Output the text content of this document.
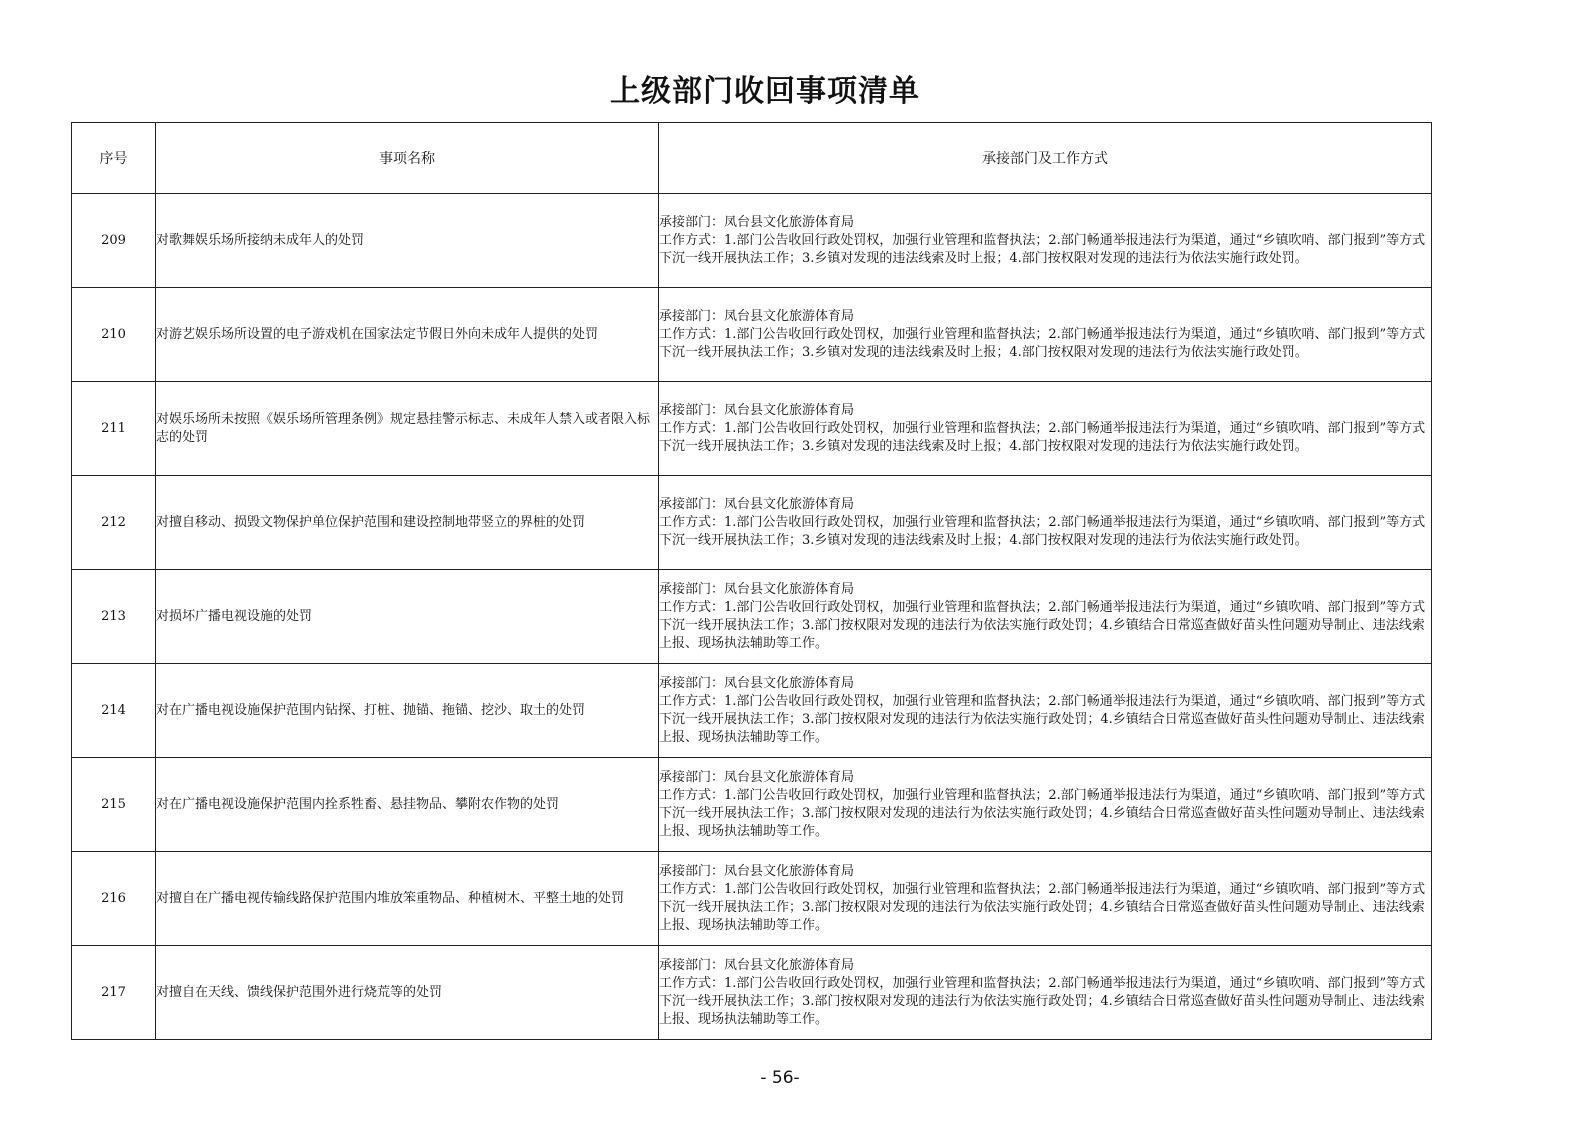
上级部门收回事项清单
序号	事项名称	承接部门及工作方式
209	对歌舞娱乐场所接纳未成年人的处罚	承接部门：凤台县文化旅游体育局
工作方式：1.部门公告收回行政处罚权，加强行业管理和监督执法；2.部门畅通举报违法行为渠道，通过“乡镇吹哨、部门报到”等方式下沉一线开展执法工作；3.乡镇对发现的违法线索及时上报；4.部门按权限对发现的违法行为依法实施行政处罚。

210	对游艺娱乐场所设置的电子游戏机在国家法定节假日外向未成年人提供的处罚	承接部门：凤台县文化旅游体育局
工作方式：1.部门公告收回行政处罚权，加强行业管理和监督执法；2.部门畅通举报违法行为渠道，通过“乡镇吹哨、部门报到”等方式下沉一线开展执法工作；3.乡镇对发现的违法线索及时上报；4.部门按权限对发现的违法行为依法实施行政处罚。

211	对娱乐场所未按照《娱乐场所管理条例》规定悬挂警示标志、未成年人禁入或者限入标志的处罚	承接部门：凤台县文化旅游体育局
工作方式：1.部门公告收回行政处罚权，加强行业管理和监督执法；2.部门畅通举报违法行为渠道，通过“乡镇吹哨、部门报到”等方式下沉一线开展执法工作；3.乡镇对发现的违法线索及时上报；4.部门按权限对发现的违法行为依法实施行政处罚。

212	对擅自移动、损毁文物保护单位保护范围和建设控制地带竖立的界桩的处罚	承接部门：凤台县文化旅游体育局
工作方式：1.部门公告收回行政处罚权，加强行业管理和监督执法；2.部门畅通举报违法行为渠道，通过“乡镇吹哨、部门报到”等方式下沉一线开展执法工作；3.乡镇对发现的违法线索及时上报；4.部门按权限对发现的违法行为依法实施行政处罚。

213	对损坏广播电视设施的处罚	承接部门：凤台县文化旅游体育局
工作方式：1.部门公告收回行政处罚权，加强行业管理和监督执法；2.部门畅通举报违法行为渠道，通过“乡镇吹哨、部门报到”等方式下沉一线开展执法工作；3.部门按权限对发现的违法行为依法实施行政处罚；4.乡镇结合日常巡查做好苗头性问题劝导制止、违法线索上报、现场执法辅助等工作。

214	对在广播电视设施保护范围内钻探、打桩、抛锚、拖锚、挖沙、取土的处罚	承接部门：凤台县文化旅游体育局
工作方式：1.部门公告收回行政处罚权，加强行业管理和监督执法；2.部门畅通举报违法行为渠道，通过“乡镇吹哨、部门报到”等方式下沉一线开展执法工作；3.部门按权限对发现的违法行为依法实施行政处罚；4.乡镇结合日常巡查做好苗头性问题劝导制止、违法线索上报、现场执法辅助等工作。

215	对在广播电视设施保护范围内拴系牲畜、悬挂物品、攀附农作物的处罚	承接部门：凤台县文化旅游体育局
工作方式：1.部门公告收回行政处罚权，加强行业管理和监督执法；2.部门畅通举报违法行为渠道，通过“乡镇吹哨、部门报到”等方式下沉一线开展执法工作；3.部门按权限对发现的违法行为依法实施行政处罚；4.乡镇结合日常巡查做好苗头性问题劝导制止、违法线索上报、现场执法辅助等工作。

216	对擅自在广播电视传输线路保护范围内堆放笨重物品、种植树木、平整土地的处罚	承接部门：凤台县文化旅游体育局
工作方式：1.部门公告收回行政处罚权，加强行业管理和监督执法；2.部门畅通举报违法行为渠道，通过“乡镇吹哨、部门报到”等方式下沉一线开展执法工作；3.部门按权限对发现的违法行为依法实施行政处罚；4.乡镇结合日常巡查做好苗头性问题劝导制止、违法线索上报、现场执法辅助等工作。

217	对擅自在天线、馈线保护范围外进行烧荒等的处罚	承接部门：凤台县文化旅游体育局
工作方式：1.部门公告收回行政处罚权，加强行业管理和监督执法；2.部门畅通举报违法行为渠道，通过“乡镇吹哨、部门报到”等方式下沉一线开展执法工作；3.部门按权限对发现的违法行为依法实施行政处罚；4.乡镇结合日常巡查做好苗头性问题劝导制止、违法线索上报、现场执法辅助等工作。
- 56-
